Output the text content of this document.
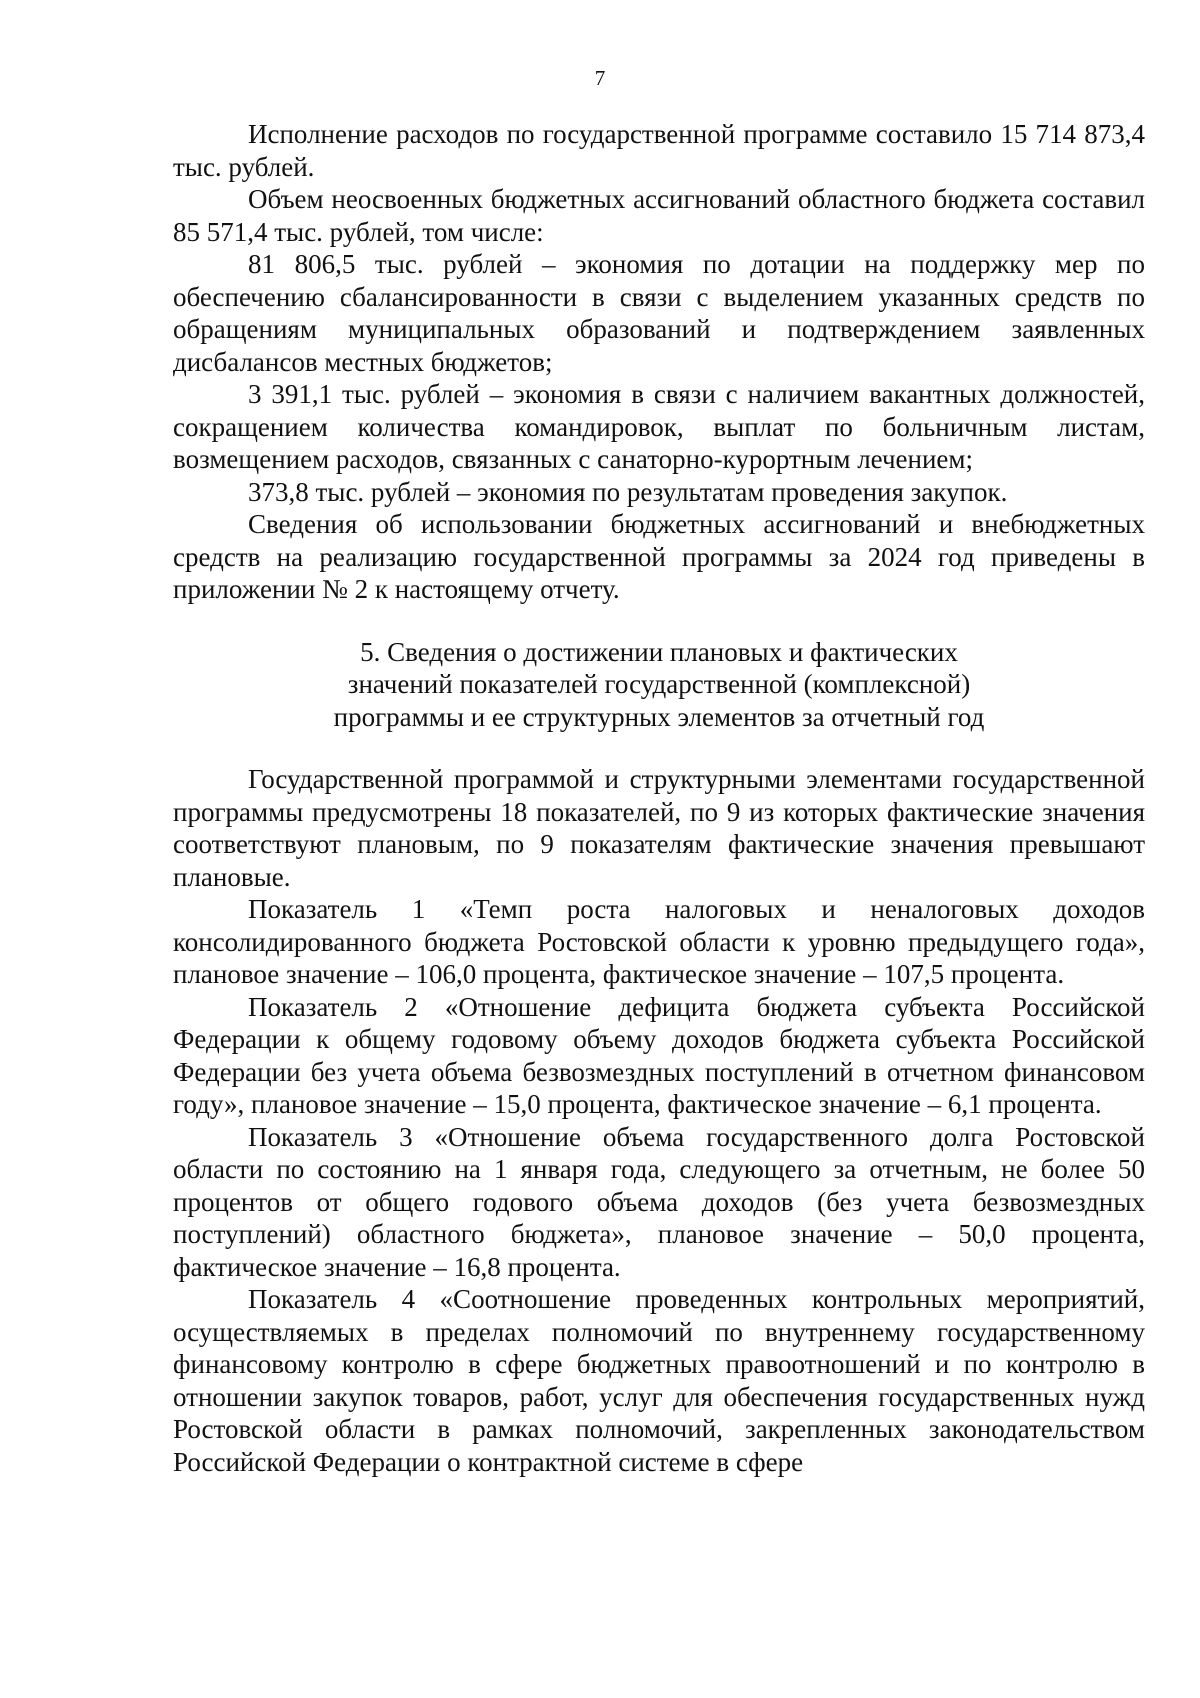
7

Исполнение расходов по государственной программе составило 15 714 873,4 тыс. рублей.

Объем неосвоенных бюджетных ассигнований областного бюджета составил 85 571,4 тыс. рублей, том числе:

81 806,5 тыс. рублей – экономия по дотации на поддержку мер по обеспечению сбалансированности в связи с выделением указанных средств по обращениям муниципальных образований и подтверждением заявленных дисбалансов местных бюджетов;

3 391,1 тыс. рублей – экономия в связи с наличием вакантных должностей, сокращением количества командировок, выплат по больничным листам, возмещением расходов, связанных с санаторно-курортным лечением;

373,8 тыс. рублей – экономия по результатам проведения закупок.

Сведения об использовании бюджетных ассигнований и внебюджетных средств на реализацию государственной программы за 2024 год приведены в приложении № 2 к настоящему отчету.

5. Сведения о достижении плановых и фактических
значений показателей государственной (комплексной)
программы и ее структурных элементов за отчетный год

Государственной программой и структурными элементами государственной программы предусмотрены 18 показателей, по 9 из которых фактические значения соответствуют плановым, по 9 показателям фактические значения превышают плановые.

Показатель 1 «Темп роста налоговых и неналоговых доходов консолидированного бюджета Ростовской области к уровню предыдущего года», плановое значение – 106,0 процента, фактическое значение – 107,5 процента.

Показатель 2 «Отношение дефицита бюджета субъекта Российской Федерации к общему годовому объему доходов бюджета субъекта Российской Федерации без учета объема безвозмездных поступлений в отчетном финансовом году», плановое значение – 15,0 процента, фактическое значение – 6,1 процента.

Показатель 3 «Отношение объема государственного долга Ростовской области по состоянию на 1 января года, следующего за отчетным, не более 50 процентов от общего годового объема доходов (без учета безвозмездных поступлений) областного бюджета», плановое значение – 50,0 процента, фактическое значение – 16,8 процента.

Показатель 4 «Соотношение проведенных контрольных мероприятий, осуществляемых в пределах полномочий по внутреннему государственному финансовому контролю в сфере бюджетных правоотношений и по контролю в отношении закупок товаров, работ, услуг для обеспечения государственных нужд Ростовской области в рамках полномочий, закрепленных законодательством Российской Федерации о контрактной системе в сфере
